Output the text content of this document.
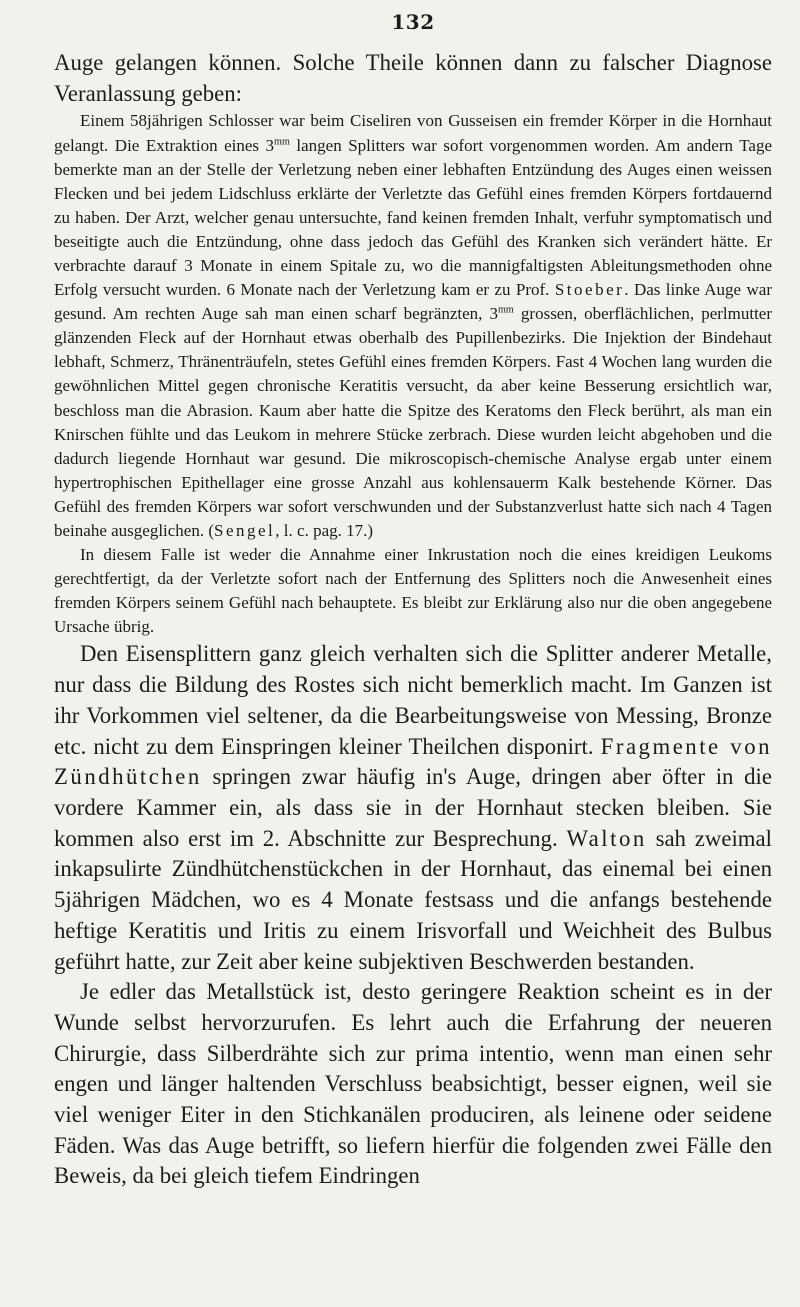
132

Auge gelangen können. Solche Theile können dann zu falscher Diagnose Veranlassung geben:

Einem 58jährigen Schlosser war beim Ciseliren von Gusseisen ein fremder Körper in die Hornhaut gelangt. Die Extraktion eines $3^{mm}$ langen Splitters war sofort vorgenommen worden. Am andern Tage bemerkte man an der Stelle der Verletzung neben einer lebhaften Entzündung des Auges einen weissen Flecken und bei jedem Lidschluss erklärte der Verletzte das Gefühl eines fremden Körpers fortdauernd zu haben. Der Arzt, welcher genau untersuchte, fand keinen fremden Inhalt, verfuhr symptomatisch und beseitigte auch die Entzündung, ohne dass jedoch das Gefühl des Kranken sich verändert hätte. Er verbrachte darauf 3 Monate in einem Spitale zu, wo die mannigfaltigsten Ableitungsmethoden ohne Erfolg versucht wurden. 6 Monate nach der Verletzung kam er zu Prof. Stoeber. Das linke Auge war gesund. Am rechten Auge sah man einen scharf begränzten, $3^{mm}$ grossen, oberflächlichen, perlmutter glänzenden Fleck auf der Hornhaut etwas oberhalb des Pupillenbezirks. Die Injektion der Bindehaut lebhaft, Schmerz, Thränenträufeln, stetes Gefühl eines fremden Körpers. Fast 4 Wochen lang wurden die gewöhnlichen Mittel gegen chronische Keratitis versucht, da aber keine Besserung ersichtlich war, beschloss man die Abrasion. Kaum aber hatte die Spitze des Keratoms den Fleck berührt, als man ein Knirschen fühlte und das Leukom in mehrere Stücke zerbrach. Diese wurden leicht abgehoben und die dadurch liegende Hornhaut war gesund. Die mikroscopisch-chemische Analyse ergab unter einem hypertrophischen Epithellager eine grosse Anzahl aus kohlensauerm Kalk bestehende Körner. Das Gefühl des fremden Körpers war sofort verschwunden und der Substanzverlust hatte sich nach 4 Tagen beinahe ausgeglichen. (Sengel, l. c. pag. 17.)

In diesem Falle ist weder die Annahme einer Inkrustation noch die eines kreidigen Leukoms gerechtfertigt, da der Verletzte sofort nach der Entfernung des Splitters noch die Anwesenheit eines fremden Körpers seinem Gefühl nach behauptete. Es bleibt zur Erklärung also nur die oben angegebene Ursache übrig.

Den Eisensplittern ganz gleich verhalten sich die Splitter anderer Metalle, nur dass die Bildung des Rostes sich nicht bemerklich macht. Im Ganzen ist ihr Vorkommen viel seltener, da die Bearbeitungsweise von Messing, Bronze etc. nicht zu dem Einspringen kleiner Theilchen disponirt. Fragmente von Zündhütchen springen zwar häufig in's Auge, dringen aber öfter in die vordere Kammer ein, als dass sie in der Hornhaut stecken bleiben. Sie kommen also erst im 2. Abschnitte zur Besprechung. Walton sah zweimal inkapsulirte Zündhütchenstückchen in der Hornhaut, das einemal bei einen 5jährigen Mädchen, wo es 4 Monate festsass und die anfangs bestehende heftige Keratitis und Iritis zu einem Irisvorfall und Weichheit des Bulbus geführt hatte, zur Zeit aber keine subjektiven Beschwerden bestanden.

Je edler das Metallstück ist, desto geringere Reaktion scheint es in der Wunde selbst hervorzurufen. Es lehrt auch die Erfahrung der neueren Chirurgie, dass Silberdrähte sich zur prima intentio, wenn man einen sehr engen und länger haltenden Verschluss beabsichtigt, besser eignen, weil sie viel weniger Eiter in den Stichkanälen produciren, als leinene oder seidene Fäden. Was das Auge betrifft, so liefern hierfür die folgenden zwei Fälle den Beweis, da bei gleich tiefem Eindringen
